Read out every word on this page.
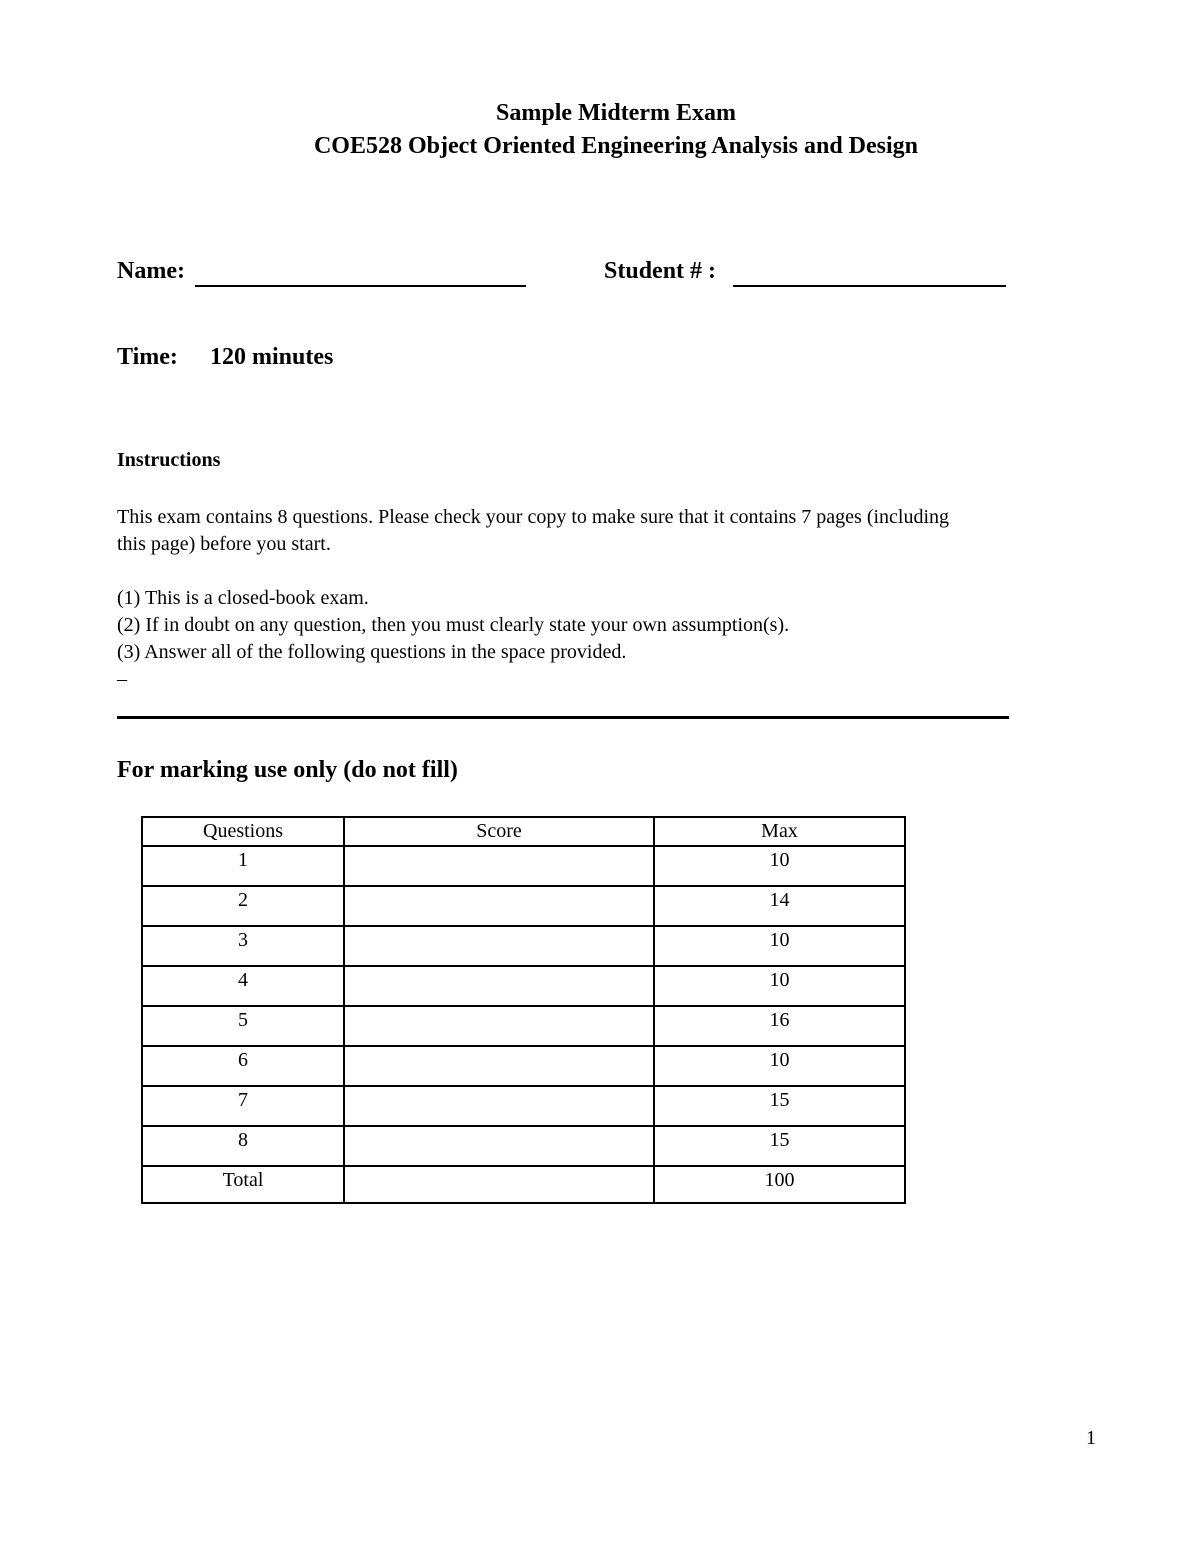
Sample Midterm Exam
COE528 Object Oriented Engineering Analysis and Design
Name:	Student # :
Time: 120 minutes
Instructions
This exam contains 8 questions. Please check your copy to make sure that it contains 7 pages (including
this page) before you start.
(1) This is a closed-book exam.
(2) If in doubt on any question, then you must clearly state your own assumption(s).
(3) Answer all of the following questions in the space provided.
–
For marking use only (do not fill)
Questions	Score	Max
1		10
2		14
3		10
4		10
5		16
6		10
7		15
8		15
Total		100
1
